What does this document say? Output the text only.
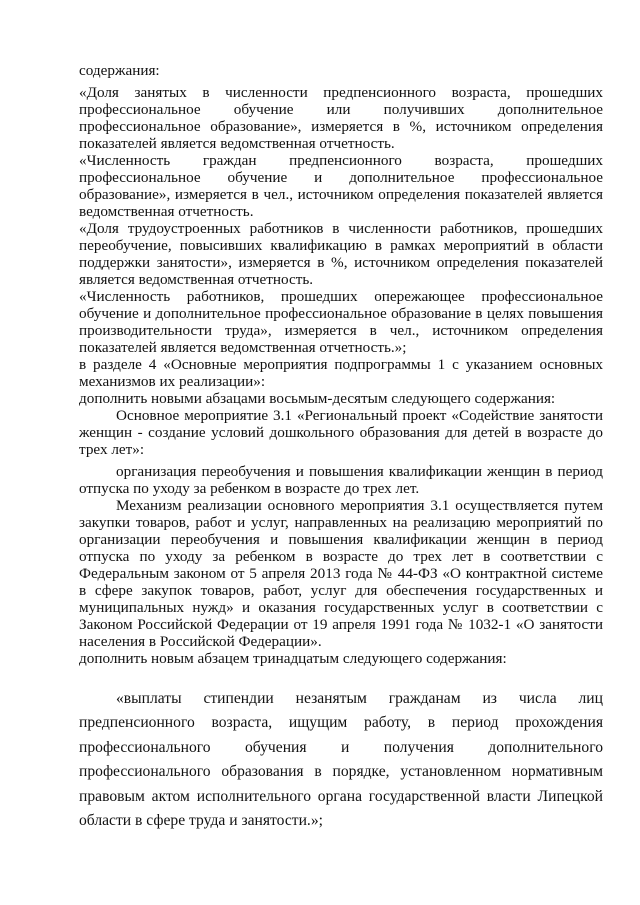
содержания:
«Доля занятых в численности предпенсионного возраста, прошедших
профессиональное обучение или получивших дополнительное
профессиональное образование», измеряется в %, источником определения
показателей является ведомственная отчетность.
«Численность граждан предпенсионного возраста, прошедших
профессиональное обучение и дополнительное профессиональное
образование», измеряется в чел., источником определения показателей является
ведомственная отчетность.
«Доля трудоустроенных работников в численности работников, прошедших
переобучение, повысивших квалификацию в рамках мероприятий в области
поддержки занятости», измеряется в %, источником определения показателей
является ведомственная отчетность.
«Численность работников, прошедших опережающее профессиональное
обучение и дополнительное профессиональное образование в целях повышения
производительности труда», измеряется в чел., источником определения
показателей является ведомственная отчетность.»;
в разделе 4 «Основные мероприятия подпрограммы 1 с указанием основных
механизмов их реализации»:
дополнить новыми абзацами восьмым-десятым следующего содержания:
Основное мероприятие 3.1 «Региональный проект «Содействие занятости
женщин - создание условий дошкольного образования для детей в возрасте до
трех лет»:
организация переобучения и повышения квалификации женщин в период
отпуска по уходу за ребенком в возрасте до трех лет.
Механизм реализации основного мероприятия 3.1 осуществляется путем
закупки товаров, работ и услуг, направленных на реализацию мероприятий по
организации переобучения и повышения квалификации женщин в период
отпуска по уходу за ребенком в возрасте до трех лет в соответствии с
Федеральным законом от 5 апреля 2013 года № 44-ФЗ «О контрактной системе
в сфере закупок товаров, работ, услуг для обеспечения государственных и
муниципальных нужд» и оказания государственных услуг в соответствии с
Законом Российской Федерации от 19 апреля 1991 года № 1032-1 «О занятости
населения в Российской Федерации».
дополнить новым абзацем тринадцатым следующего содержания:
«выплаты стипендии незанятым гражданам из числа лиц
предпенсионного возраста, ищущим работу, в период прохождения
профессионального обучения и получения дополнительного
профессионального образования в порядке, установленном нормативным
правовым актом исполнительного органа государственной власти Липецкой
области в сфере труда и занятости.»;
